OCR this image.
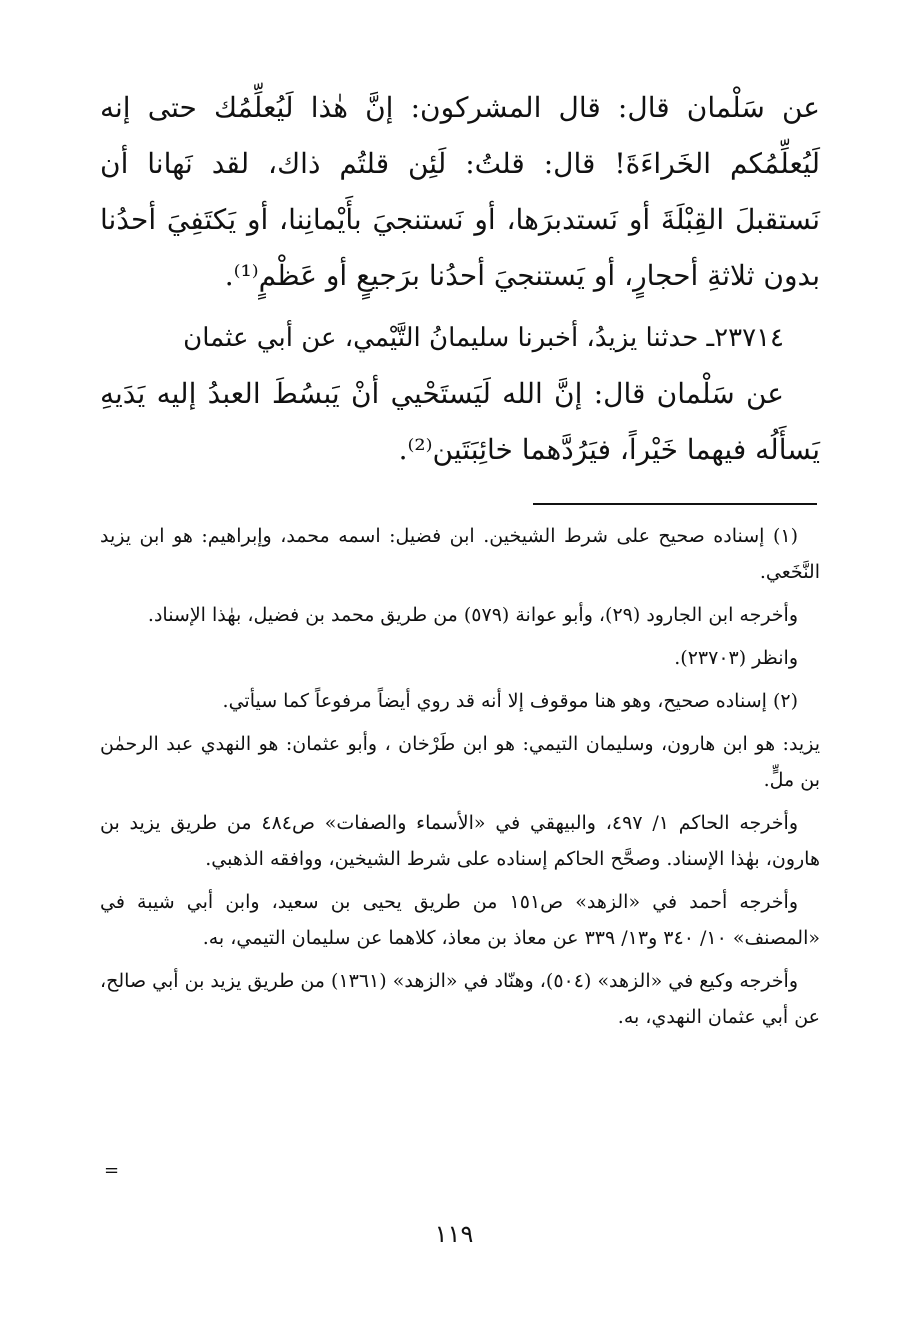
عن سَلْمان قال: قال المشركون: إنَّ هٰذا لَيُعلِّمُك حتى إنه لَيُعلِّمُكم الخَراءَةَ! قال: قلتُ: لَئِن قلتُم ذاك، لقد نَهانا أن نَستقبلَ القِبْلَةَ أو نَستدبرَها، أو نَستنجيَ بأَيْمانِنا، أو يَكتَفِيَ أحدُنا بدون ثلاثةِ أحجارٍ، أو يَستنجيَ أحدُنا برَجيعٍ أو عَظْمٍ⁽¹⁾.

٢٣٧١٤ـ حدثنا يزيدُ، أخبرنا سليمانُ التَّيْمي، عن أبي عثمان

عن سَلْمان قال: إنَّ الله لَيَستَحْيي أنْ يَبسُطَ العبدُ إليه يَدَيهِ يَسأَلُه فيهما خَيْراً، فيَرُدَّهما خائِبَتَين⁽²⁾.

(١) إسناده صحيح على شرط الشيخين. ابن فضيل: اسمه محمد، وإبراهيم: هو ابن يزيد النَّخَعي.

وأخرجه ابن الجارود (٢٩)، وأبو عوانة (٥٧٩) من طريق محمد بن فضيل، بهٰذا الإسناد.

وانظر (٢٣٧٠٣).

(٢) إسناده صحيح، وهو هنا موقوف إلا أنه قد روي أيضاً مرفوعاً كما سيأتي.

يزيد: هو ابن هارون، وسليمان التيمي: هو ابن طَرْخان ، وأبو عثمان: هو النهدي عبد الرحمٰن بن ملٍّ.

وأخرجه الحاكم ١/ ٤٩٧، والبيهقي في «الأسماء والصفات» ص٤٨٤ من طريق يزيد بن هارون، بهٰذا الإسناد. وصحَّح الحاكم إسناده على شرط الشيخين، ووافقه الذهبي.

وأخرجه أحمد في «الزهد» ص١٥١ من طريق يحيى بن سعيد، وابن أبي شيبة في «المصنف» ١٠/ ٣٤٠ و١٣/ ٣٣٩ عن معاذ بن معاذ، كلاهما عن سليمان التيمي، به.

وأخرجه وكيع في «الزهد» (٥٠٤)، وهنّاد في «الزهد» (١٣٦١) من طريق يزيد بن أبي صالح، عن أبي عثمان النهدي، به.

=
١١٩
